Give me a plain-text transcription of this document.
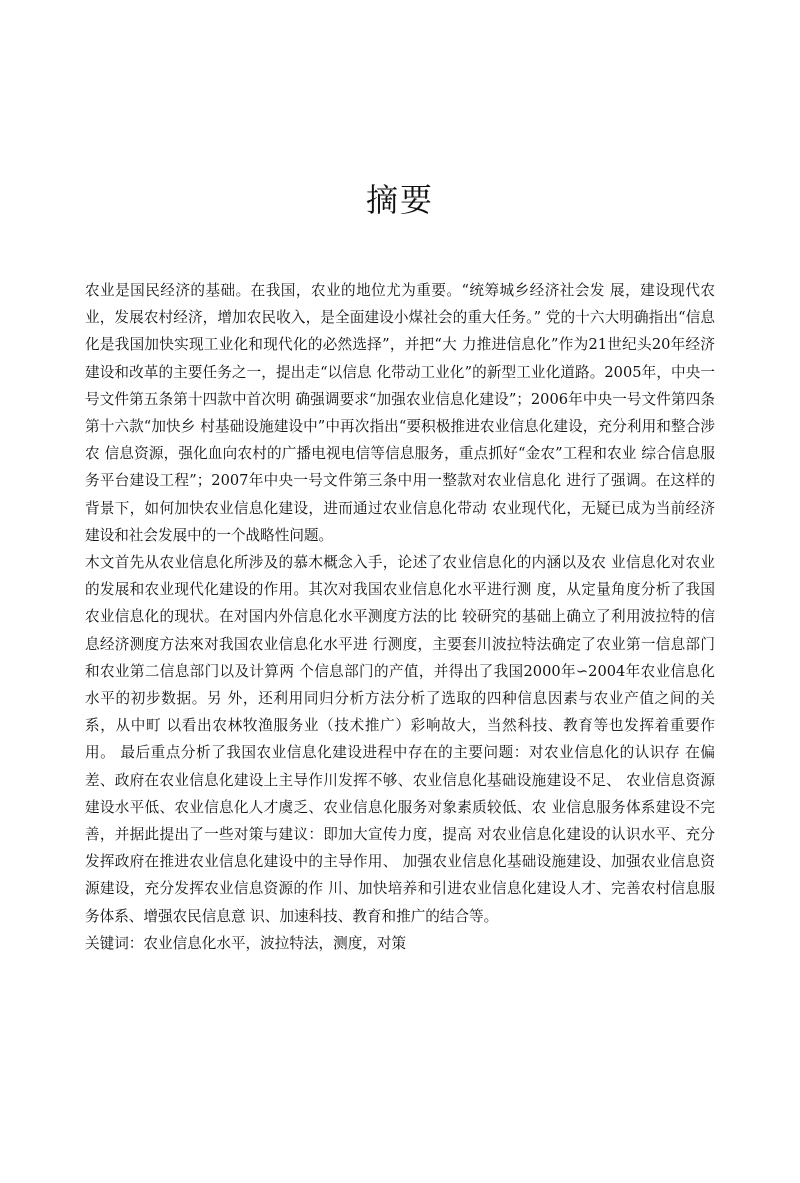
摘要

农业是国民经济的基础。在我国，农业的地位尤为重要。“统筹城乡经济社会发 展，建设现代农业，发展农村经济，增加农民收入，是全面建设小煤社会的重大任务。” 党的十六大明确指出“信息化是我国加快实现工业化和现代化的必然选择”，并把“大 力推进信息化”作为21世纪头20年经济建设和改革的主要任务之一，提出走“以信息 化带动工业化”的新型工业化道路。2005年，中央一号文件第五条第十四款中首次明 确强调要求“加强农业信息化建设”；2006年中央一号文件第四条第十六款“加快乡 村基础设施建设中”中再次指出“要积极推进农业信息化建设，充分利用和整合涉农 信息资源，强化血向农村的广播电视电信等信息服务，重点抓好“金农”工程和农业 综合信息服务平台建设工程”；2007年中央一号文件第三条中用一整款对农业信息化 进行了强调。在这样的背景下，如何加快农业信息化建设，进而通过农业信息化带动 农业现代化，无疑已成为当前经济建设和社会发展中的一个战略性问题。

木文首先从农业信息化所涉及的慕木概念入手，论述了农业信息化的内涵以及农 业信息化对农业的发展和农业现代化建设的作用。其次对我国农业信息化水平进行测 度，从定量角度分析了我国农业信息化的现状。在对国内外信息化水平测度方法的比 较研究的基础上确立了利用波拉特的信息经济测度方法來对我国农业信息化水平进 行测度，主要套川波拉特法确定了农业第一信息部门和农业第二信息部门以及计算两 个信息部门的产值，并得出了我国2000年∽2004年农业信息化水平的初步数据。另 外，还利用同归分析方法分析了选取的四种信息因素与农业产值之间的关系，从中町 以看出农林牧渔服务业（技术推广）彩响故大，当然科技、教育等也发挥着重要作用。 最后重点分析了我国农业信息化建设进程中存在的主要问题：对农业信息化的认识存 在偏差、政府在农业信息化建设上主导作川发挥不够、农业信息化基础设施建设不足、 农业信息资源建设水平低、农业信息化人才虞乏、农业信息化服务对象素质较低、农 业信息服务体系建设不完善，并据此提出了一些对策与建议：即加大宣传力度，提高 对农业信息化建设的认识水平、充分发挥政府在推进农业信息化建设中的主导作用、 加强农业信息化基础设施建设、加强农业信息资源建设，充分发挥农业信息资源的作 川、加快培养和引进农业信息化建设人才、完善农村信息服务体系、增强农民信息意 识、加速科技、教育和推广的结合等。

关键词：农业信息化水平，波拉特法，测度，对策
